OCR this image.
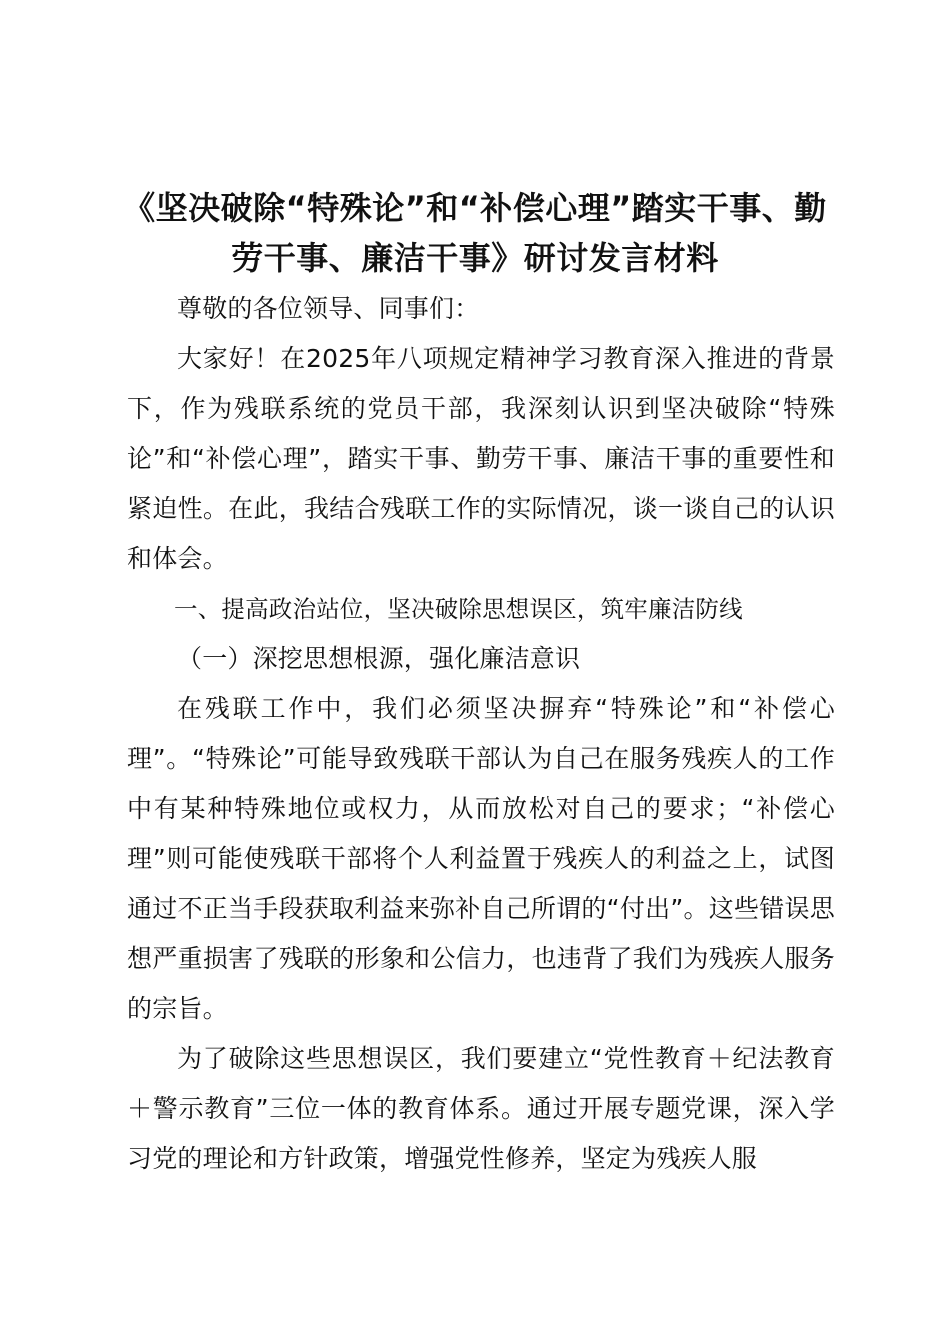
《坚决破除“特殊论”和“补偿心理”踏实干事、勤劳干事、廉洁干事》研讨发言材料

尊敬的各位领导、同事们：

大家好！在2025年八项规定精神学习教育深入推进的背景下，作为残联系统的党员干部，我深刻认识到坚决破除“特殊论”和“补偿心理”，踏实干事、勤劳干事、廉洁干事的重要性和紧迫性。在此，我结合残联工作的实际情况，谈一谈自己的认识和体会。

一、提高政治站位，坚决破除思想误区，筑牢廉洁防线

（一）深挖思想根源，强化廉洁意识

在残联工作中，我们必须坚决摒弃“特殊论”和“补偿心理”。“特殊论”可能导致残联干部认为自己在服务残疾人的工作中有某种特殊地位或权力，从而放松对自己的要求；“补偿心理”则可能使残联干部将个人利益置于残疾人的利益之上，试图通过不正当手段获取利益来弥补自己所谓的“付出”。这些错误思想严重损害了残联的形象和公信力，也违背了我们为残疾人服务的宗旨。

为了破除这些思想误区，我们要建立“党性教育＋纪法教育＋警示教育”三位一体的教育体系。通过开展专题党课，深入学习党的理论和方针政策，增强党性修养，坚定为残疾人服
